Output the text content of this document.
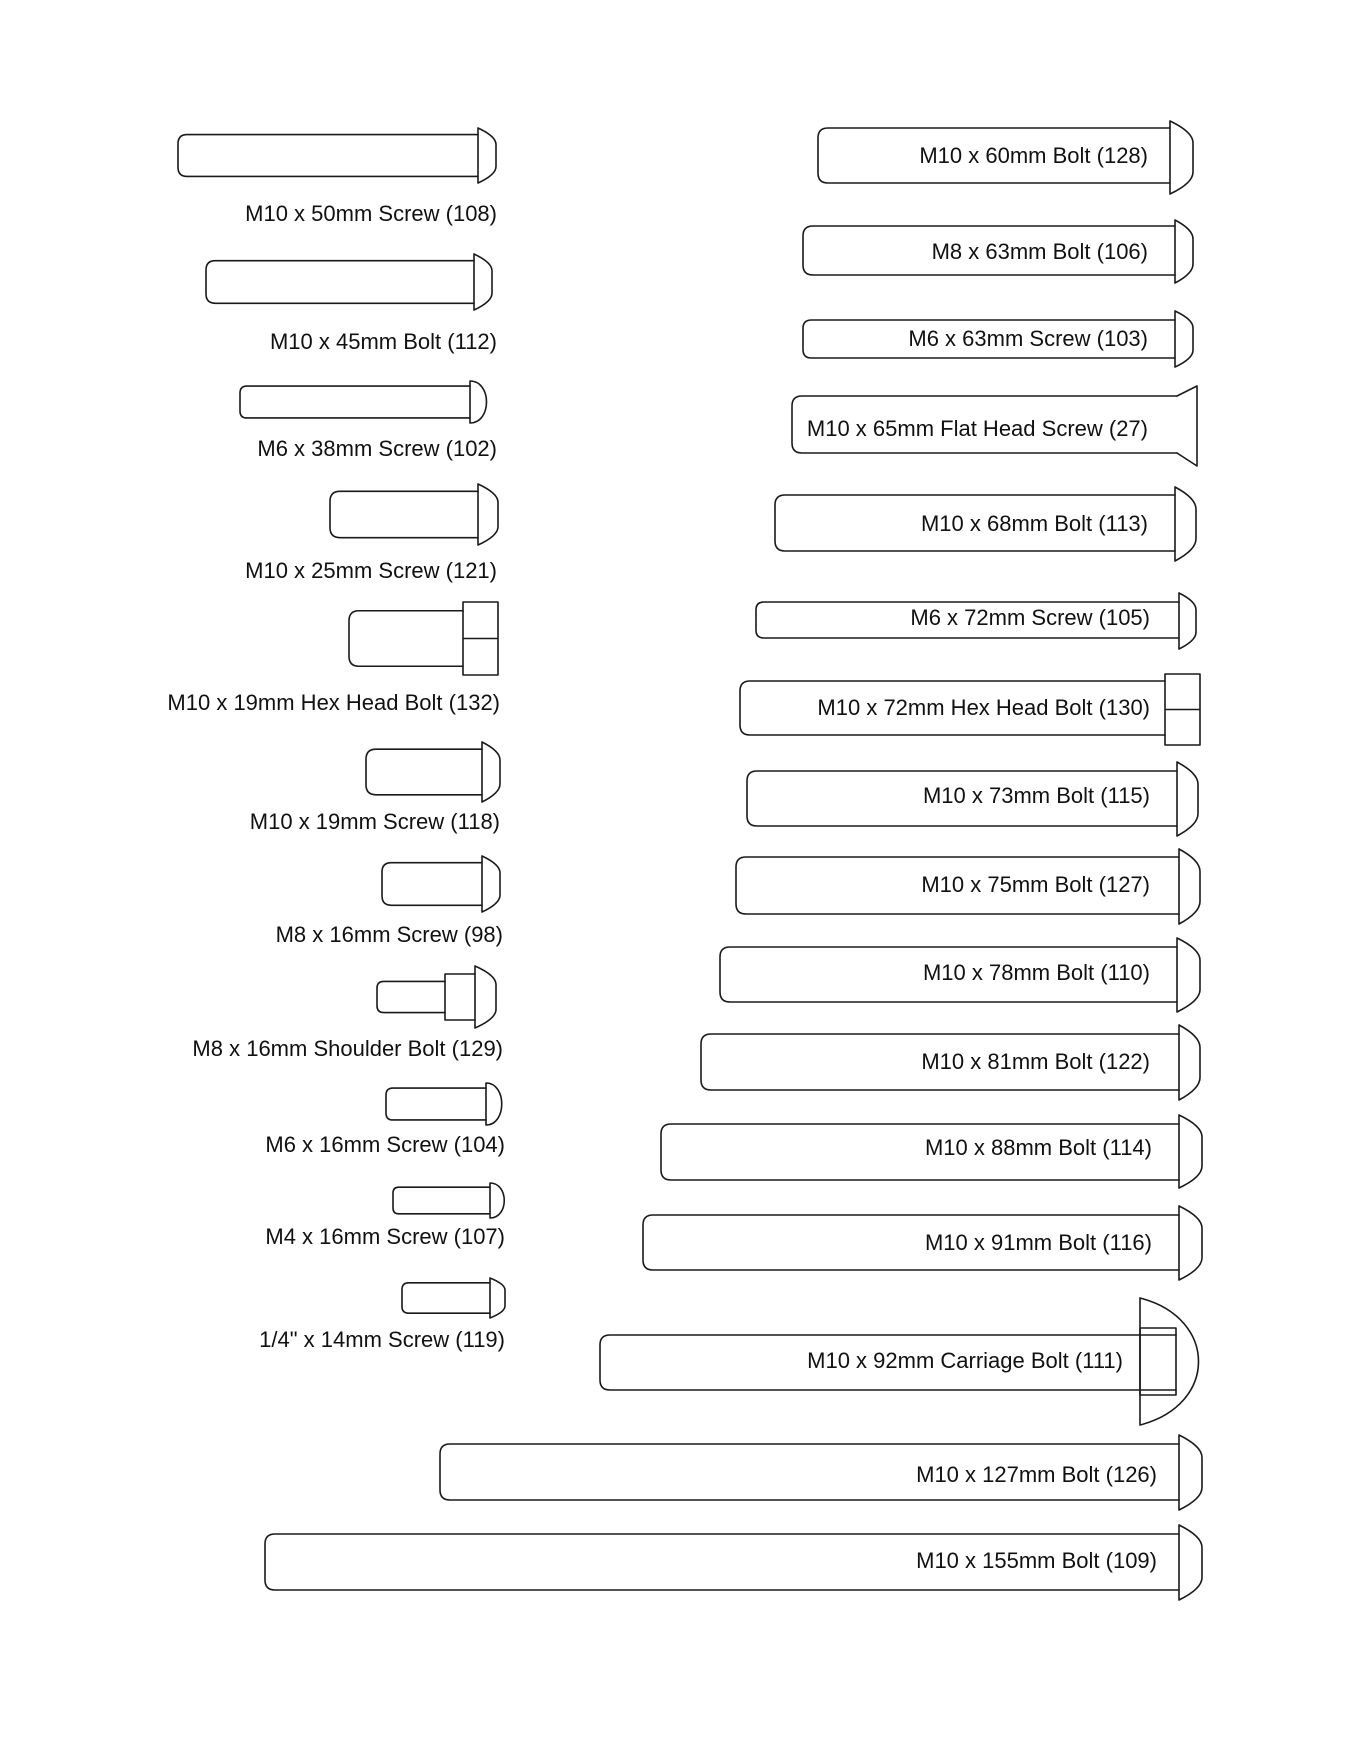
M10 x 50mm Screw (108)
M10 x 45mm Bolt (112)
M6 x 38mm Screw (102)
M10 x 25mm Screw (121)
M10 x 19mm Hex Head Bolt (132)
M10 x 19mm Screw (118)
M8 x 16mm Screw (98)
M8 x 16mm Shoulder Bolt (129)
M6 x 16mm Screw (104)
M4 x 16mm Screw (107)
1/4" x 14mm Screw (119)
M10 x 60mm Bolt (128)
M8 x 63mm Bolt (106)
M6 x 63mm Screw (103)
M10 x 65mm Flat Head Screw (27)
M10 x 68mm Bolt (113)
M6 x 72mm Screw (105)
M10 x 72mm Hex Head Bolt (130)
M10 x 73mm Bolt (115)
M10 x 75mm Bolt (127)
M10 x 78mm Bolt (110)
M10 x 81mm Bolt (122)
M10 x 88mm Bolt (114)
M10 x 91mm Bolt (116)
M10 x 92mm Carriage Bolt (111)
M10 x 127mm Bolt (126)
M10 x 155mm Bolt (109)
